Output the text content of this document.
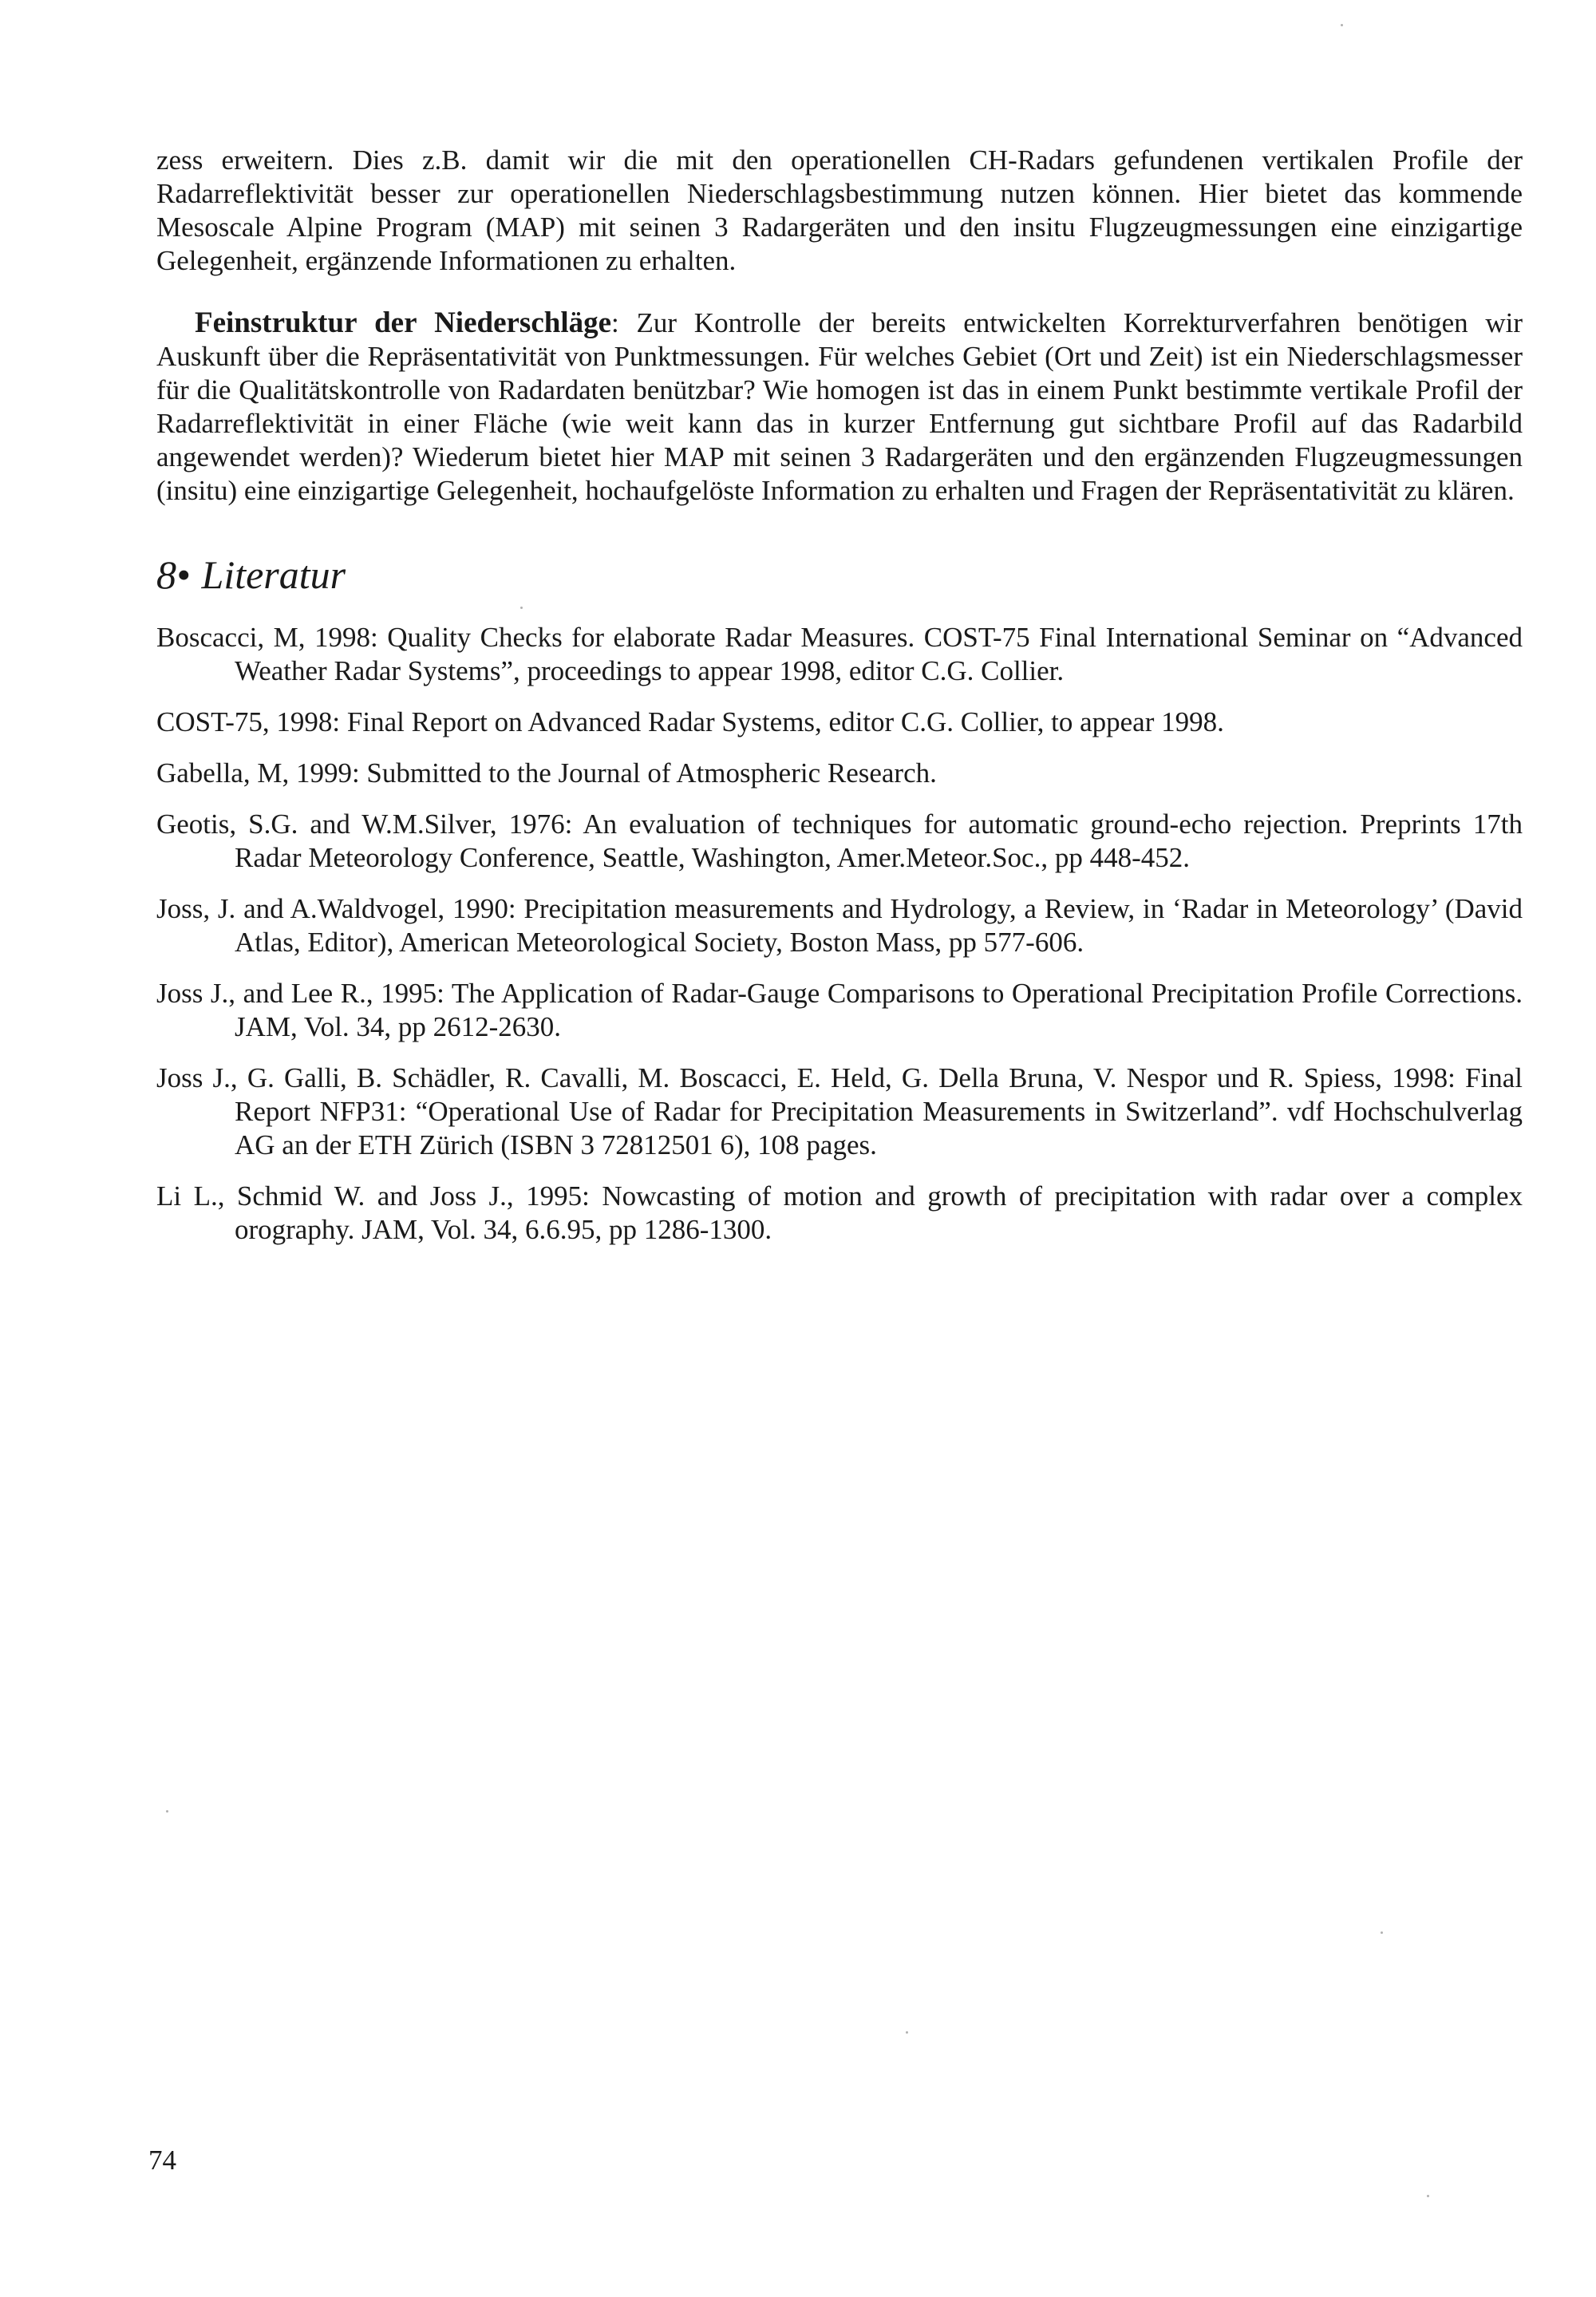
zess erweitern. Dies z.B. damit wir die mit den operationellen CH-Radars gefundenen vertikalen Profile der Radarreflektivität besser zur operationellen Niederschlagsbestimmung nutzen können. Hier bietet das kommende Mesoscale Alpine Program (MAP) mit seinen 3 Radargeräten und den insitu Flugzeugmessungen eine einzigartige Gelegenheit, ergänzende Informationen zu erhalten.

Feinstruktur der Niederschläge: Zur Kontrolle der bereits entwickelten Korrekturverfahren benötigen wir Auskunft über die Repräsentativität von Punktmessungen. Für welches Gebiet (Ort und Zeit) ist ein Niederschlagsmesser für die Qualitätskontrolle von Radardaten benützbar? Wie homogen ist das in einem Punkt bestimmte vertikale Profil der Radarreflektivität in einer Fläche (wie weit kann das in kurzer Entfernung gut sichtbare Profil auf das Radarbild angewendet werden)? Wiederum bietet hier MAP mit seinen 3 Radargeräten und den ergänzenden Flugzeugmessungen (insitu) eine einzigartige Gelegenheit, hochaufgelöste Information zu erhalten und Fragen der Repräsentativität zu klären.

8• Literatur
Boscacci, M, 1998: Quality Checks for elaborate Radar Measures. COST-75 Final International Seminar on “Advanced Weather Radar Systems”, proceedings to appear 1998, editor C.G. Collier.
COST-75, 1998: Final Report on Advanced Radar Systems, editor C.G. Collier, to appear 1998.
Gabella, M, 1999: Submitted to the Journal of Atmospheric Research.
Geotis, S.G. and W.M.Silver, 1976: An evaluation of techniques for automatic ground-echo rejection. Preprints 17th Radar Meteorology Conference, Seattle, Washington, Amer.Meteor.Soc., pp 448-452.
Joss, J. and A.Waldvogel, 1990: Precipitation measurements and Hydrology, a Review, in ‘Radar in Meteorology’ (David Atlas, Editor), American Meteorological Society, Boston Mass, pp 577-606.
Joss J., and Lee R., 1995: The Application of Radar-Gauge Comparisons to Operational Precipitation Profile Corrections. JAM, Vol. 34, pp 2612-2630.
Joss J., G. Galli, B. Schädler, R. Cavalli, M. Boscacci, E. Held, G. Della Bruna, V. Nespor und R. Spiess, 1998: Final Report NFP31: “Operational Use of Radar for Precipitation Measurements in Switzerland”. vdf Hochschulverlag AG an der ETH Zürich (ISBN 3 72812501 6), 108 pages.
Li L., Schmid W. and Joss J., 1995: Nowcasting of motion and growth of precipitation with radar over a complex orography. JAM, Vol. 34, 6.6.95, pp 1286-1300.
74
